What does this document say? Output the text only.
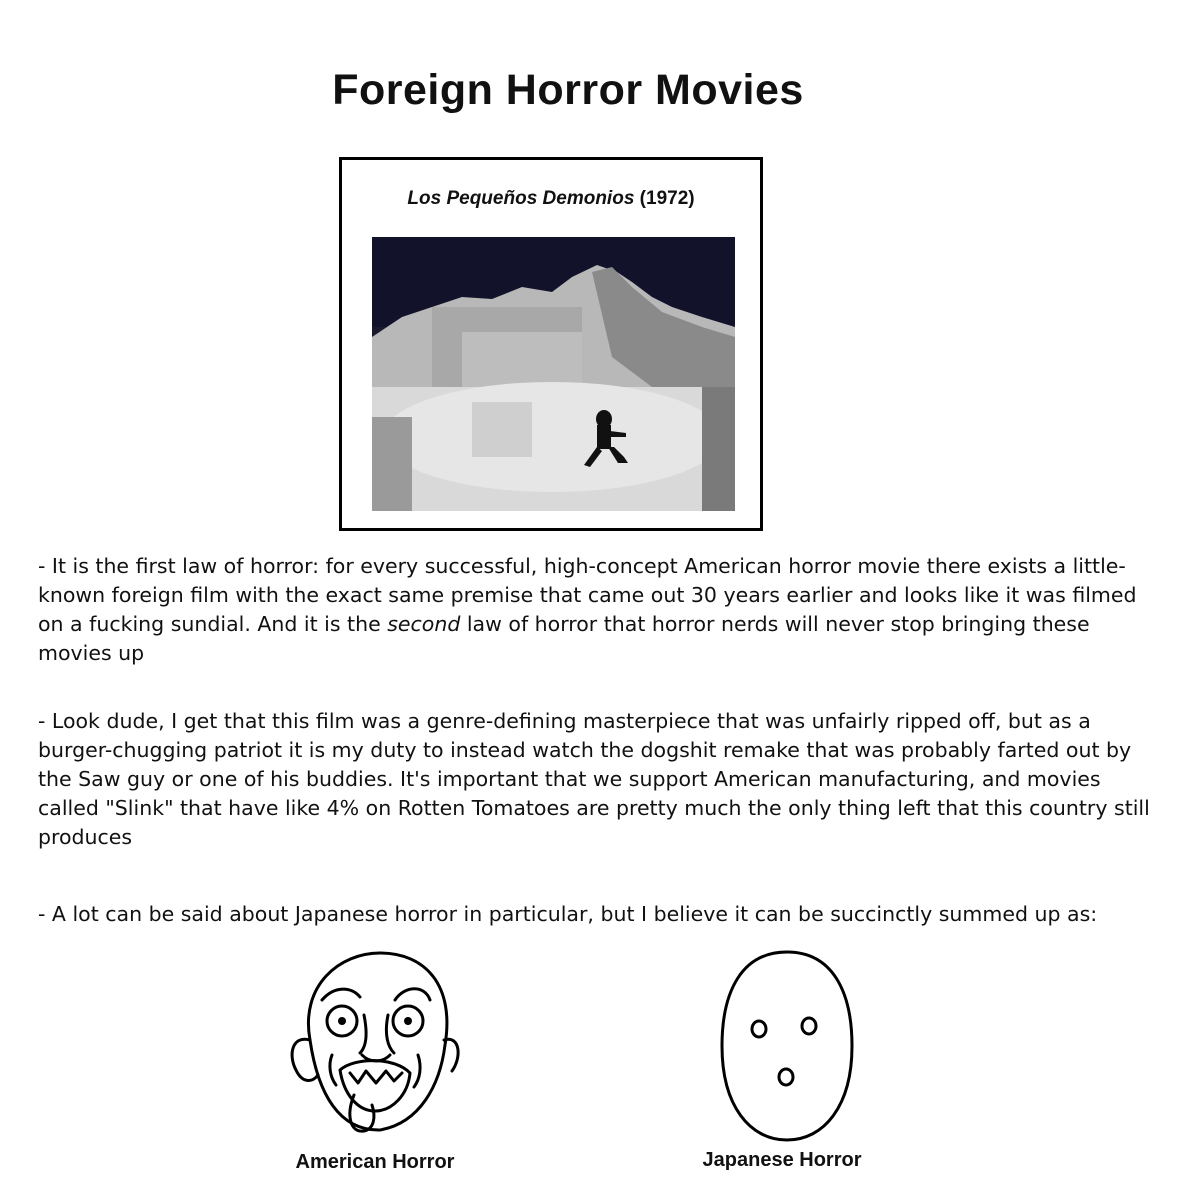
Foreign Horror Movies
Los Pequeños Demonios (1972)

- It is the first law of horror: for every successful, high-concept American horror movie there exists a little-known foreign film with the exact same premise that came out 30 years earlier and looks like it was filmed on a fucking sundial. And it is the second law of horror that horror nerds will never stop bringing these movies up

- Look dude, I get that this film was a genre-defining masterpiece that was unfairly ripped off, but as a burger-chugging patriot it is my duty to instead watch the dogshit remake that was probably farted out by the Saw guy or one of his buddies. It's important that we support American manufacturing, and movies called "Slink" that have like 4% on Rotten Tomatoes are pretty much the only thing left that this country still produces

- A lot can be said about Japanese horror in particular, but I believe it can be succinctly summed up as:

American Horror	Japanese Horror
